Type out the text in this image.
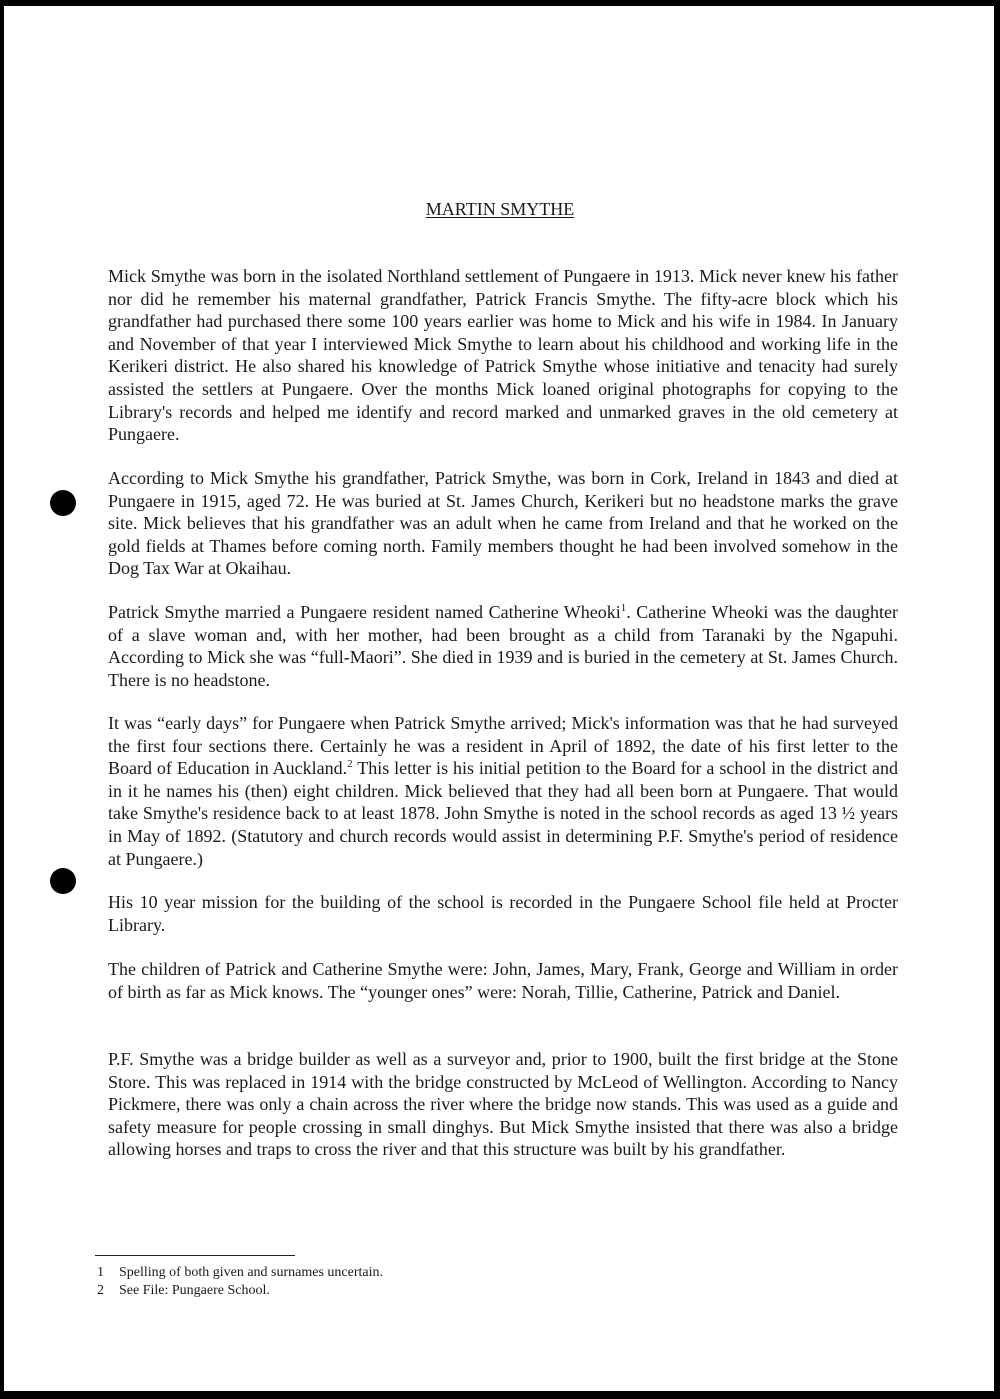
MARTIN SMYTHE
Mick Smythe was born in the isolated Northland settlement of Pungaere in 1913. Mick never knew his father nor did he remember his maternal grandfather, Patrick Francis Smythe. The fifty-acre block which his grandfather had purchased there some 100 years earlier was home to Mick and his wife in 1984. In January and November of that year I interviewed Mick Smythe to learn about his childhood and working life in the Kerikeri district. He also shared his knowledge of Patrick Smythe whose initiative and tenacity had surely assisted the settlers at Pungaere. Over the months Mick loaned original photographs for copying to the Library's records and helped me identify and record marked and unmarked graves in the old cemetery at Pungaere.
According to Mick Smythe his grandfather, Patrick Smythe, was born in Cork, Ireland in 1843 and died at Pungaere in 1915, aged 72. He was buried at St. James Church, Kerikeri but no headstone marks the grave site. Mick believes that his grandfather was an adult when he came from Ireland and that he worked on the gold fields at Thames before coming north. Family members thought he had been involved somehow in the Dog Tax War at Okaihau.
Patrick Smythe married a Pungaere resident named Catherine Wheoki$^1$. Catherine Wheoki was the daughter of a slave woman and, with her mother, had been brought as a child from Taranaki by the Ngapuhi. According to Mick she was “full-Maori”. She died in 1939 and is buried in the cemetery at St. James Church. There is no headstone.
It was “early days” for Pungaere when Patrick Smythe arrived; Mick's information was that he had surveyed the first four sections there. Certainly he was a resident in April of 1892, the date of his first letter to the Board of Education in Auckland.$^2$ This letter is his initial petition to the Board for a school in the district and in it he names his (then) eight children. Mick believed that they had all been born at Pungaere. That would take Smythe's residence back to at least 1878. John Smythe is noted in the school records as aged 13 ½ years in May of 1892. (Statutory and church records would assist in determining P.F. Smythe's period of residence at Pungaere.)
His 10 year mission for the building of the school is recorded in the Pungaere School file held at Procter Library.
The children of Patrick and Catherine Smythe were: John, James, Mary, Frank, George and William in order of birth as far as Mick knows. The “younger ones” were: Norah, Tillie, Catherine, Patrick and Daniel.
P.F. Smythe was a bridge builder as well as a surveyor and, prior to 1900, built the first bridge at the Stone Store. This was replaced in 1914 with the bridge constructed by McLeod of Wellington. According to Nancy Pickmere, there was only a chain across the river where the bridge now stands. This was used as a guide and safety measure for people crossing in small dinghys. But Mick Smythe insisted that there was also a bridge allowing horses and traps to cross the river and that this structure was built by his grandfather.
1 Spelling of both given and surnames uncertain.
2 See File: Pungaere School.
